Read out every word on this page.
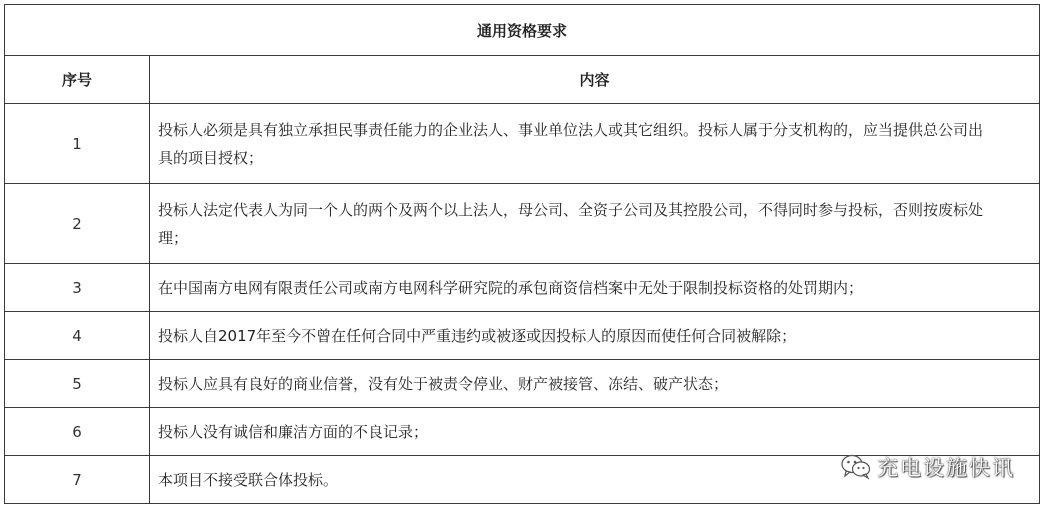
通用资格要求	
序号	内容
1	投标人必须是具有独立承担民事责任能力的企业法人、事业单位法人或其它组织。投标人属于分支机构的，应当提供总公司出
具的项目授权；

2	投标人法定代表人为同一个人的两个及两个以上法人，母公司、全资子公司及其控股公司，不得同时参与投标，否则按废标处
理；

3	在中国南方电网有限责任公司或南方电网科学研究院的承包商资信档案中无处于限制投标资格的处罚期内；

4	投标人自2017年至今不曾在任何合同中严重违约或被逐或因投标人的原因而使任何合同被解除；

5	投标人应具有良好的商业信誉，没有处于被责令停业、财产被接管、冻结、破产状态；

6	投标人没有诚信和廉洁方面的不良记录；

7	本项目不接受联合体投标。	充电设施快讯
